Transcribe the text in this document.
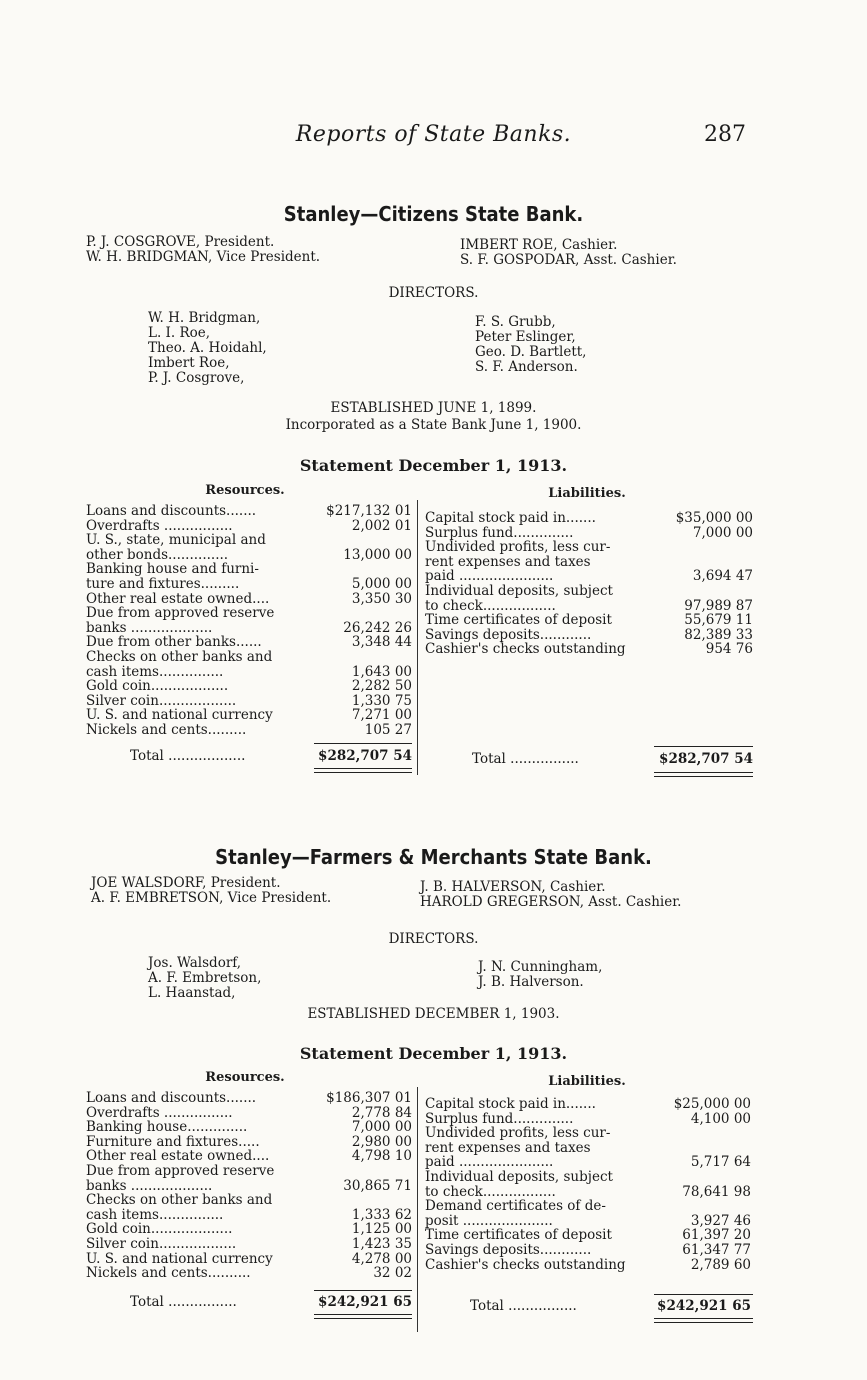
Reports of State Banks.	287
Stanley—Citizens State Bank.
P. J. COSGROVE, President.
W. H. BRIDGMAN, Vice President.
IMBERT ROE, Cashier.
S. F. GOSPODAR, Asst. Cashier.
DIRECTORS.
W. H. Bridgman,
L. I. Roe,
Theo. A. Hoidahl,
Imbert Roe,
P. J. Cosgrove,
F. S. Grubb,
Peter Eslinger,
Geo. D. Bartlett,
S. F. Anderson.
ESTABLISHED JUNE 1, 1899.
Incorporated as a State Bank June 1, 1900.
Statement December 1, 1913.
Resources.	Liabilities.
Loans and discounts.......	$217,132 01
Overdrafts ................	2,002 01
U. S., state, municipal and
other bonds..............	13,000 00
Banking house and furni-
ture and fixtures.........	5,000 00
Other real estate owned....	3,350 30
Due from approved reserve
banks ...................	26,242 26
Due from other banks......	3,348 44
Checks on other banks and
cash items...............	1,643 00
Gold coin..................	2,282 50
Silver coin..................	1,330 75
U. S. and national currency	7,271 00
Nickels and cents.........	105 27
Capital stock paid in.......	$35,000 00
Surplus fund..............	7,000 00
Undivided profits, less cur-
rent expenses and taxes
paid ......................	3,694 47
Individual deposits, subject
to check.................	97,989 87
Time certificates of deposit	55,679 11
Savings deposits............	82,389 33
Cashier's checks outstanding	954 76
Total ..................	$282,707 54	Total ................	$282,707 54
Stanley—Farmers & Merchants State Bank.
JOE WALSDORF, President.
A. F. EMBRETSON, Vice President.
J. B. HALVERSON, Cashier.
HAROLD GREGERSON, Asst. Cashier.
DIRECTORS.
Jos. Walsdorf,
A. F. Embretson,
L. Haanstad,
J. N. Cunningham,
J. B. Halverson.
ESTABLISHED DECEMBER 1, 1903.
Statement December 1, 1913.
Resources.	Liabilities.
Loans and discounts.......	$186,307 01
Overdrafts ................	2,778 84
Banking house..............	7,000 00
Furniture and fixtures.....	2,980 00
Other real estate owned....	4,798 10
Due from approved reserve
banks ...................	30,865 71
Checks on other banks and
cash items...............	1,333 62
Gold coin...................	1,125 00
Silver coin..................	1,423 35
U. S. and national currency	4,278 00
Nickels and cents..........	32 02
Capital stock paid in.......	$25,000 00
Surplus fund..............	4,100 00
Undivided profits, less cur-
rent expenses and taxes
paid ......................	5,717 64
Individual deposits, subject
to check.................	78,641 98
Demand certificates of de-
posit .....................	3,927 46
Time certificates of deposit	61,397 20
Savings deposits............	61,347 77
Cashier's checks outstanding	2,789 60
Total ................	$242,921 65	Total ................	$242,921 65
